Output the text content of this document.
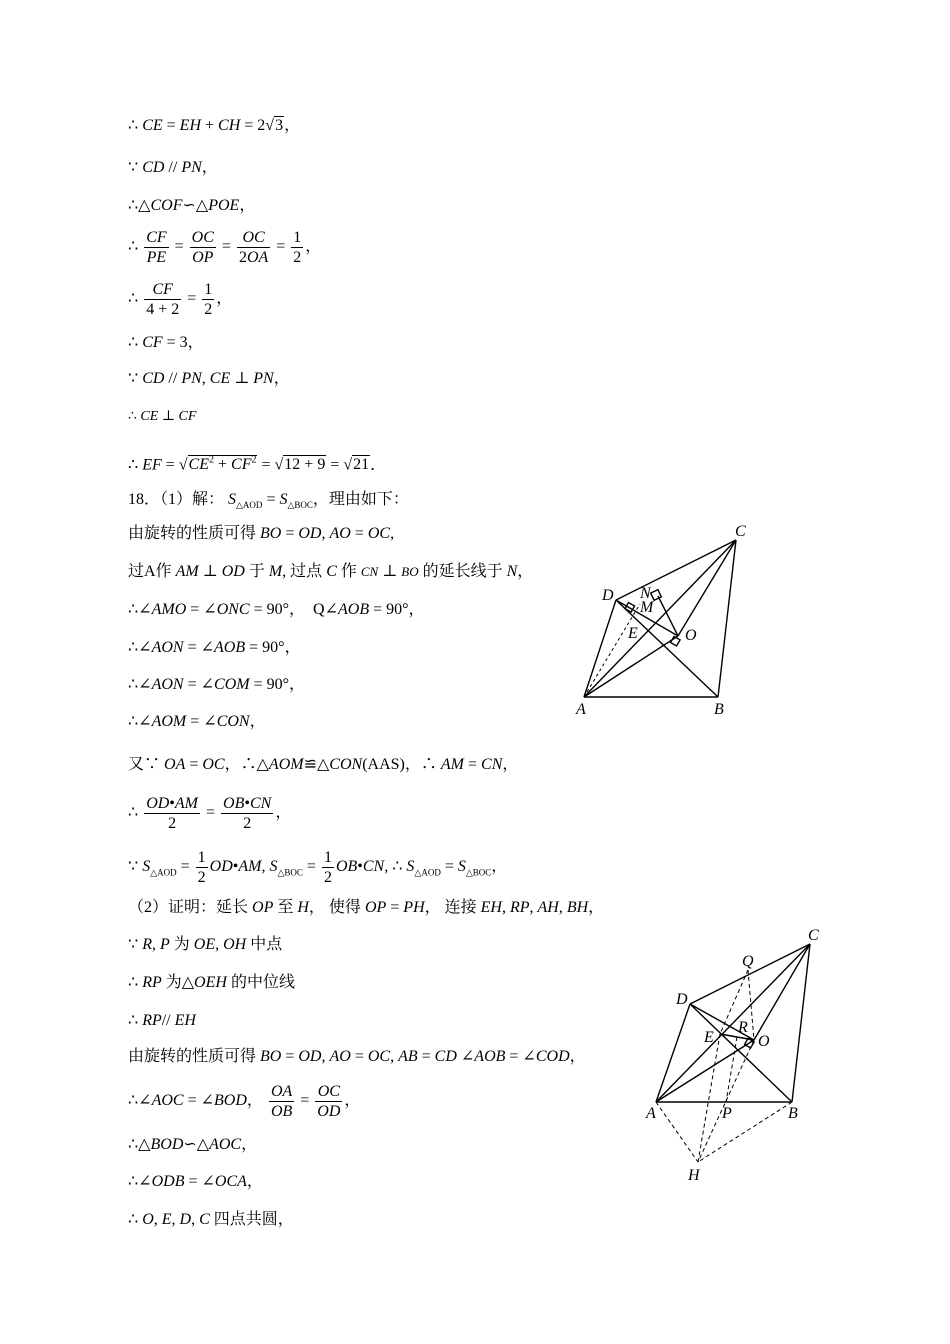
∴ CE = EH + CH = 2√3，
∵ CD // PN，
∴△COF∽△POE，
∴ $\frac{CF}{PE} = \frac{OC}{OP} = \frac{OC}{2OA} = \frac{1}{2}$ ，
∴ $\frac{CF}{4 + 2} = \frac{1}{2}$ ，
∴ CF = 3，
∵ CD // PN, CE ⊥ PN，
∴ CE ⊥ CF
∴ EF = $√CE^2 + CF^2 = √12 + 9 = √21$．
18．（1）解： $S_{\triangle AOD} = S_{\triangle BOC}$，理由如下：
由旋转的性质可得 BO = OD, AO = OC,
过A作 AM ⊥ OD 于 M, 过点 C 作 CN ⊥ BO 的延长线于 N，
∴∠AMO = ∠ONC = 90°，  Q∠AOB = 90°，
∴∠AON = ∠AOB = 90°，
∴∠AON = ∠COM = 90°，
∴∠AOM = ∠CON，
又∵ OA = OC，∴△AOM≌△CON(AAS)，∴ AM = CN，
∴ $\frac{OD•AM}{2} = \frac{OB•CN}{2}$ ，
∵ $S_{\triangle AOD} = \frac{1}{2}$ OD•AM, $S_{\triangle BOC} = \frac{1}{2}$ OB•CN, ∴ $S_{\triangle AOD} = S_{\triangle BOC}$，
（2）证明：延长 OP 至 H， 使得 OP = PH， 连接 EH, RP, AH, BH，
∵ R, P 为 OE, OH 中点
∴ RP 为△OEH 的中位线
∴ RP// EH
由旋转的性质可得 BO = OD, AO = OC, AB = CD ∠AOB = ∠COD，
∴∠AOC = ∠BOD， $\frac{OA}{OB} = \frac{OC}{OD}$ ，
∴△BOD∽△AOC，
∴∠ODB = ∠OCA，
∴ O, E, D, C 四点共圆，
C
D N
M
E	O
A	B
C
Q
D
E
R
O
A	P	B
H
